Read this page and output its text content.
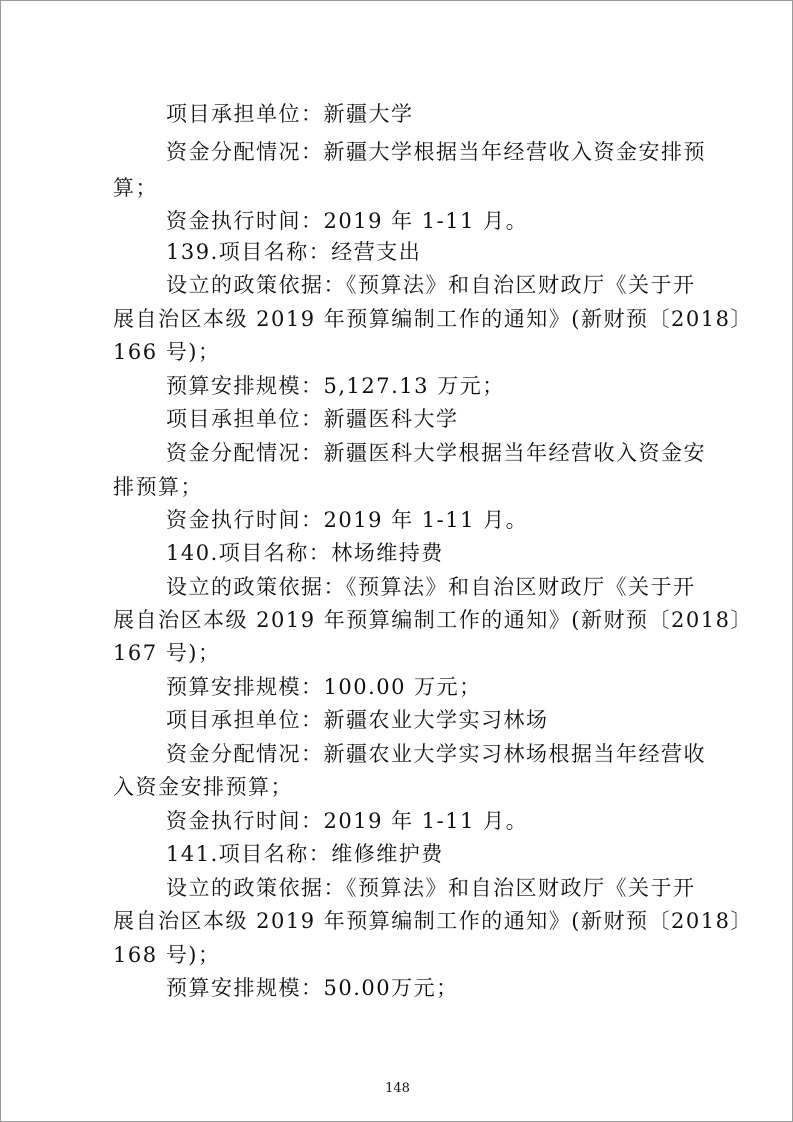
项目承担单位：新疆大学
资金分配情况：新疆大学根据当年经营收入资金安排预
算；
资金执行时间：2019 年 1-11 月。
139.项目名称：经营支出
设立的政策依据：《预算法》和自治区财政厅《关于开
展自治区本级 2019 年预算编制工作的通知》(新财预〔2018〕
166 号)；
预算安排规模：5,127.13 万元；
项目承担单位：新疆医科大学
资金分配情况：新疆医科大学根据当年经营收入资金安
排预算；
资金执行时间：2019 年 1-11 月。
140.项目名称：林场维持费
设立的政策依据：《预算法》和自治区财政厅《关于开
展自治区本级 2019 年预算编制工作的通知》(新财预〔2018〕
167 号)；
预算安排规模：100.00 万元；
项目承担单位：新疆农业大学实习林场
资金分配情况：新疆农业大学实习林场根据当年经营收
入资金安排预算；
资金执行时间：2019 年 1-11 月。
141.项目名称：维修维护费
设立的政策依据：《预算法》和自治区财政厅《关于开
展自治区本级 2019 年预算编制工作的通知》(新财预〔2018〕
168 号)；
预算安排规模：50.00万元；
148
